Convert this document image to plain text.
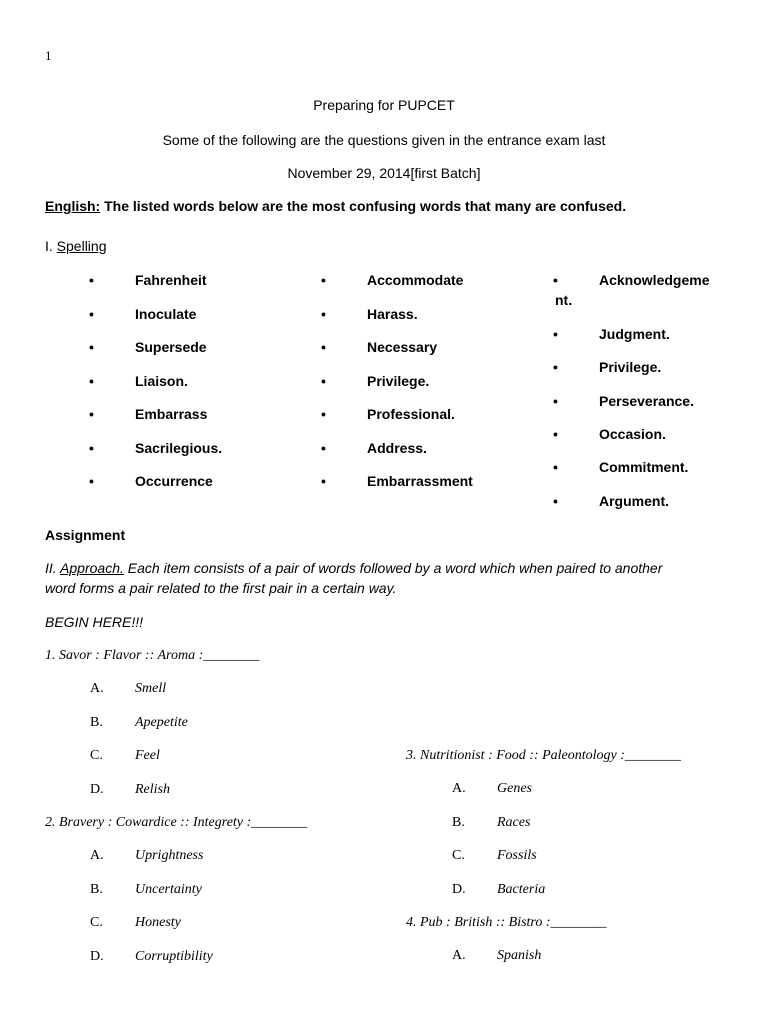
1
Preparing for PUPCET
Some of the following are the questions given in the entrance exam last
November 29, 2014[first Batch]
English: The listed words below are the most confusing words that many are confused.
I. Spelling
•	Fahrenheit
•	Inoculate
•	Supersede
•	Liaison.
•	Embarrass
•	Sacrilegious.
•	Occurrence
•	Accommodate
•	Harass.
•	Necessary
•	Privilege.
•	Professional.
•	Address.
•	Embarrassment
•	Acknowledgeme
nt.
•	Judgment.
•	Privilege.
•	Perseverance.
•	Occasion.
•	Commitment.
•	Argument.
Assignment
II. Approach. Each item consists of a pair of words followed by a word which when paired to another
word forms a pair related to the first pair in a certain way.
BEGIN HERE!!!
1. Savor : Flavor :: Aroma :________
A. Smell
B. Apepetite
C. Feel
D. Relish
2. Bravery : Cowardice :: Integrety :________
A. Uprightness
B. Uncertainty
C. Honesty
D. Corruptibility
3. Nutritionist : Food :: Paleontology :________
A. Genes
B. Races
C. Fossils
D. Bacteria
4. Pub : British :: Bistro :________
A. Spanish
